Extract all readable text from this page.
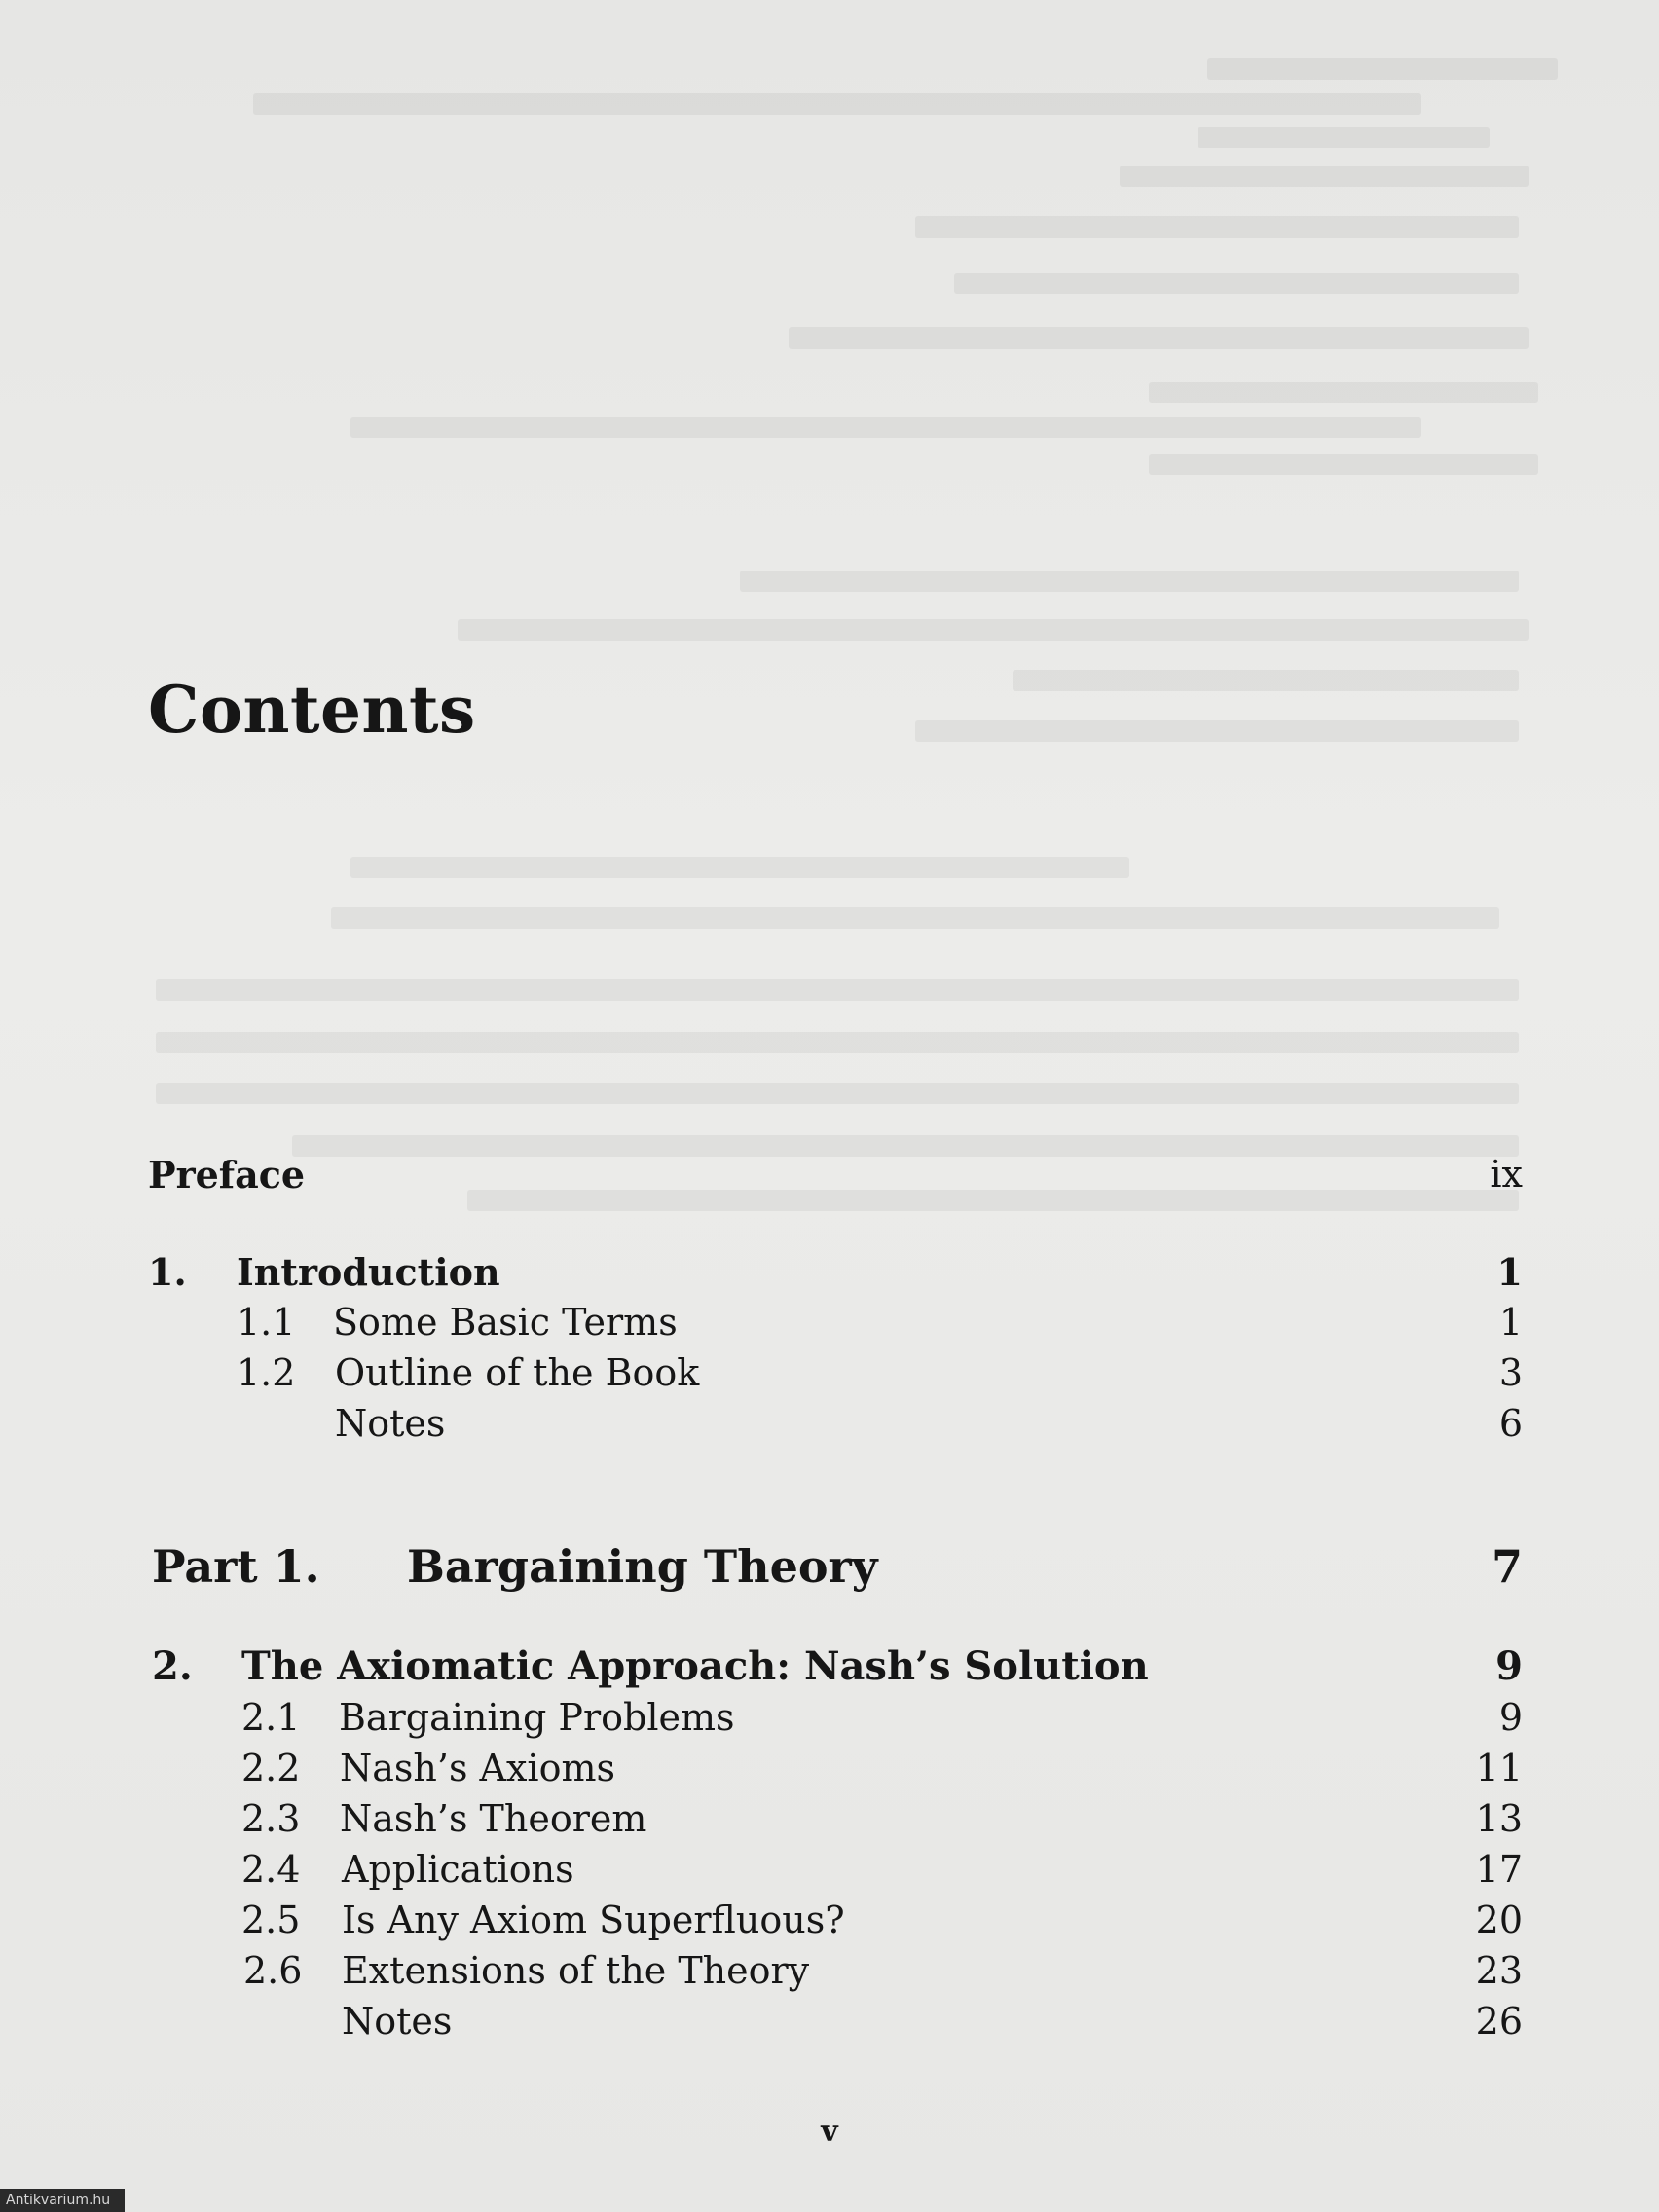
Contents
Preface	ix
1. Introduction	1
1.1 Some Basic Terms	1
1.2 Outline of the Book	3
Notes	6
Part 1. Bargaining Theory	7
2. The Axiomatic Approach: Nash’s Solution	9
2.1 Bargaining Problems	9
2.2 Nash’s Axioms	11
2.3 Nash’s Theorem	13
2.4 Applications	17
2.5 Is Any Axiom Superfluous?	20
2.6 Extensions of the Theory	23
Notes	26
v
Antikvarium.hu
